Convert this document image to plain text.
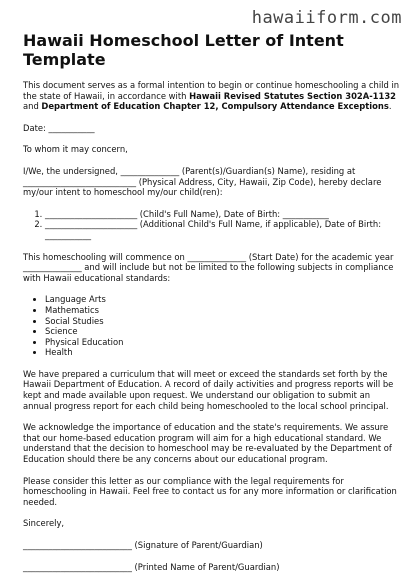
hawaiiform.com
Hawaii Homeschool Letter of Intent Template

This document serves as a formal intention to begin or continue homeschooling a child in the state of Hawaii, in accordance with Hawaii Revised Statutes Section 302A-1132 and Department of Education Chapter 12, Compulsory Attendance Exceptions.

Date: ___________

To whom it may concern,

I/We, the undersigned, ______________ (Parent(s)/Guardian(s) Name), residing at ___________________________ (Physical Address, City, Hawaii, Zip Code), hereby declare my/our intent to homeschool my/our child(ren):

1. ______________________ (Child's Full Name), Date of Birth: ___________
2. ______________________ (Additional Child's Full Name, if applicable), Date of Birth: ___________

This homeschooling will commence on ______________ (Start Date) for the academic year ______________ and will include but not be limited to the following subjects in compliance with Hawaii educational standards:

• Language Arts
• Mathematics
• Social Studies
• Science
• Physical Education
• Health

We have prepared a curriculum that will meet or exceed the standards set forth by the Hawaii Department of Education. A record of daily activities and progress reports will be kept and made available upon request. We understand our obligation to submit an annual progress report for each child being homeschooled to the local school principal.

We acknowledge the importance of education and the state's requirements. We assure that our home-based education program will aim for a high educational standard. We understand that the decision to homeschool may be re-evaluated by the Department of Education should there be any concerns about our educational program.

Please consider this letter as our compliance with the legal requirements for homeschooling in Hawaii. Feel free to contact us for any more information or clarification needed.

Sincerely,

__________________________ (Signature of Parent/Guardian)

__________________________ (Printed Name of Parent/Guardian)
